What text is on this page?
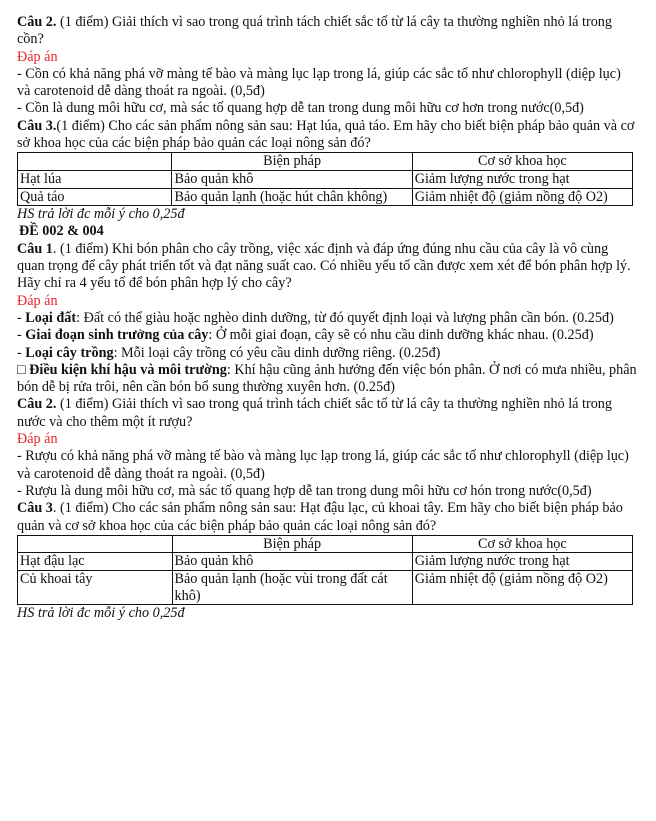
Câu 2. (1 điểm) Giải thích vì sao trong quá trình tách chiết sắc tố từ lá cây ta thường nghiền nhỏ lá trong cồn?

Đáp án

- Cồn có khả năng phá vỡ màng tế bào và màng lục lạp trong lá, giúp các sắc tố như chlorophyll (diệp lục) và carotenoid dễ dàng thoát ra ngoài. (0,5đ)

- Cồn là dung môi hữu cơ, mà sác tố quang hợp dễ tan trong dung môi hữu cơ hơn trong nước(0,5đ)

Câu 3.(1 điểm) Cho các sản phẩm nông sản sau: Hạt lúa, quả táo. Em hãy cho biết biện pháp bảo quản và cơ sở khoa học của các biện pháp bảo quản các loại nông sản đó?

	Biện pháp	Cơ sở khoa học
Hạt lúa	Bảo quản khô	Giảm lượng nước trong hạt
Quả táo	Bảo quản lạnh (hoặc hút chân không)	Giảm nhiệt độ (giảm nồng độ O2)

HS trả lời đc mỗi ý cho 0,25đ

ĐỀ 002 & 004

Câu 1. (1 điểm) Khi bón phân cho cây trồng, việc xác định và đáp ứng đúng nhu cầu của cây là vô cùng quan trọng để cây phát triển tốt và đạt năng suất cao. Có nhiều yếu tố cần được xem xét để bón phân hợp lý. Hãy chỉ ra 4 yếu tố để bón phân hợp lý cho cây?

Đáp án

- Loại đất: Đất có thể giàu hoặc nghèo dinh dưỡng, từ đó quyết định loại và lượng phân cần bón. (0.25đ)

- Giai đoạn sinh trưởng của cây: Ở mỗi giai đoạn, cây sẽ có nhu cầu dinh dưỡng khác nhau. (0.25đ)

- Loại cây trồng: Mỗi loại cây trồng có yêu cầu dinh dưỡng riêng. (0.25đ)

□ Điều kiện khí hậu và môi trường: Khí hậu cũng ảnh hưởng đến việc bón phân. Ở nơi có mưa nhiều, phân bón dễ bị rửa trôi, nên cần bón bổ sung thường xuyên hơn. (0.25đ)

Câu 2. (1 điểm) Giải thích vì sao trong quá trình tách chiết sắc tố từ lá cây ta thường nghiền nhỏ lá trong nước và cho thêm một ít rượu?

Đáp án

- Rượu có khả năng phá vỡ màng tế bào và màng lục lạp trong lá, giúp các sắc tố như chlorophyll (diệp lục) và carotenoid dễ dàng thoát ra ngoài. (0,5đ)

- Rượu là dung môi hữu cơ, mà sác tố quang hợp dễ tan trong dung môi hữu cơ hón trong nước(0,5đ)

Câu 3. (1 điểm) Cho các sản phẩm nông sản sau: Hạt đậu lạc, củ khoai tây. Em hãy cho biết biện pháp bảo quản và cơ sở khoa học của các biện pháp bảo quản các loại nông sản đó?

	Biện pháp	Cơ sở khoa học
Hạt đậu lạc	Bảo quản khô	Giảm lượng nước trong hạt
Củ khoai tây	Bảo quản lạnh (hoặc vùi trong đất cát khô)	Giảm nhiệt độ (giảm nồng độ O2)

HS trả lời đc mỗi ý cho 0,25đ
